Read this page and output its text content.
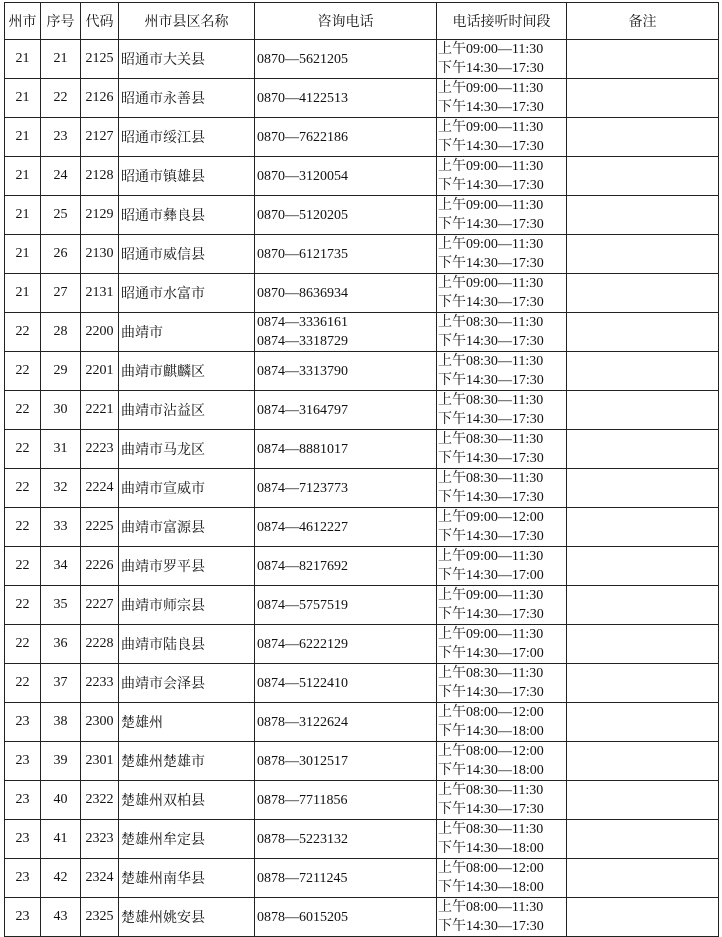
州市	序号	代码	州市县区名称	咨询电话	电话接听时间段	备注
21	21	2125	昭通市大关县	0870—5621205	上午09:00—11:30
下午14:30—17:30	

21	22	2126	昭通市永善县	0870—4122513	上午09:00—11:30
下午14:30—17:30	

21	23	2127	昭通市绥江县	0870—7622186	上午09:00—11:30
下午14:30—17:30	

21	24	2128	昭通市镇雄县	0870—3120054	上午09:00—11:30
下午14:30—17:30	

21	25	2129	昭通市彝良县	0870—5120205	上午09:00—11:30
下午14:30—17:30	

21	26	2130	昭通市威信县	0870—6121735	上午09:00—11:30
下午14:30—17:30	

21	27	2131	昭通市水富市	0870—8636934	上午09:00—11:30
下午14:30—17:30	

22	28	2200	曲靖市	0874—3336161
0874—3318729	上午08:30—11:30
下午14:30—17:30	

22	29	2201	曲靖市麒麟区	0874—3313790	上午08:30—11:30
下午14:30—17:30	

22	30	2221	曲靖市沾益区	0874—3164797	上午08:30—11:30
下午14:30—17:30	

22	31	2223	曲靖市马龙区	0874—8881017	上午08:30—11:30
下午14:30—17:30	

22	32	2224	曲靖市宣威市	0874—7123773	上午08:30—11:30
下午14:30—17:30	

22	33	2225	曲靖市富源县	0874—4612227	上午09:00—12:00
下午14:30—17:30	

22	34	2226	曲靖市罗平县	0874—8217692	上午09:00—11:30
下午14:30—17:00	

22	35	2227	曲靖市师宗县	0874—5757519	上午09:00—11:30
下午14:30—17:30	

22	36	2228	曲靖市陆良县	0874—6222129	上午09:00—11:30
下午14:30—17:00	

22	37	2233	曲靖市会泽县	0874—5122410	上午08:30—11:30
下午14:30—17:30	

23	38	2300	楚雄州	0878—3122624	上午08:00—12:00
下午14:30—18:00	

23	39	2301	楚雄州楚雄市	0878—3012517	上午08:00—12:00
下午14:30—18:00	

23	40	2322	楚雄州双柏县	0878—7711856	上午08:30—11:30
下午14:30—17:30	

23	41	2323	楚雄州牟定县	0878—5223132	上午08:30—11:30
下午14:30—18:00	

23	42	2324	楚雄州南华县	0878—7211245	上午08:00—12:00
下午14:30—18:00	

23	43	2325	楚雄州姚安县	0878—6015205	上午08:00—11:30
下午14:30—17:30	
